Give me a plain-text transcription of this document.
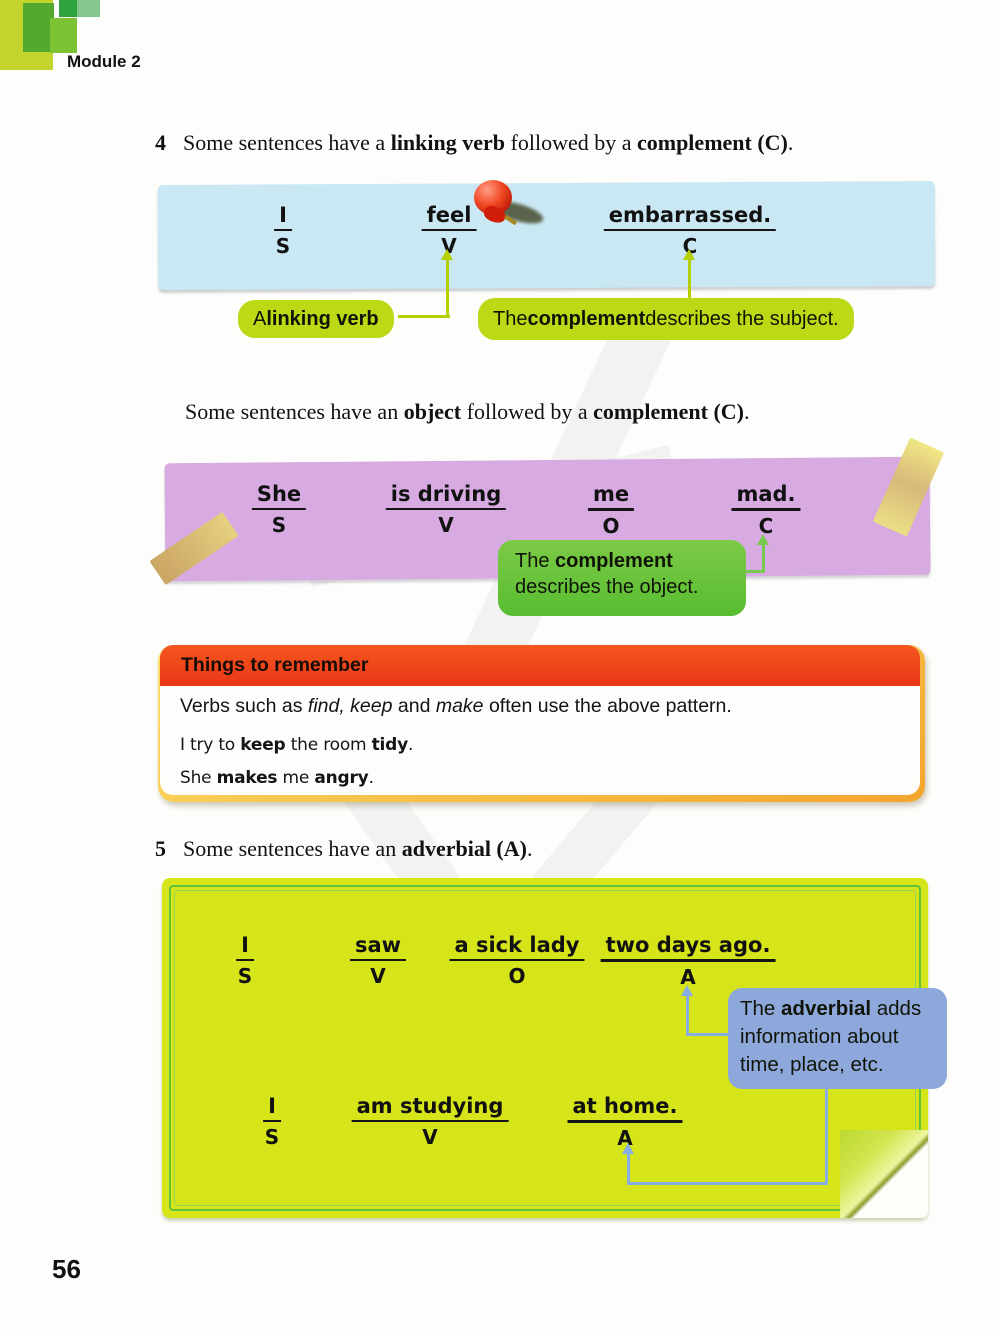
Module 2
4 Some sentences have a linking verb followed by a complement (C).
I
S
feel
V
embarrassed.
C
A linking verb	The complement describes the subject.
Some sentences have an object followed by a complement (C).
She
S
is driving
V
me
O
mad.
C
The complement
describes the object.
Things to remember
Verbs such as find, keep and make often use the above pattern.
I try to keep the room tidy.
She makes me angry.
5 Some sentences have an adverbial (A).
I
S
saw
V
a sick lady
O
two days ago.
A
The adverbial adds
information about
time, place, etc.
I
S
am studying
V
at home.
A
56
